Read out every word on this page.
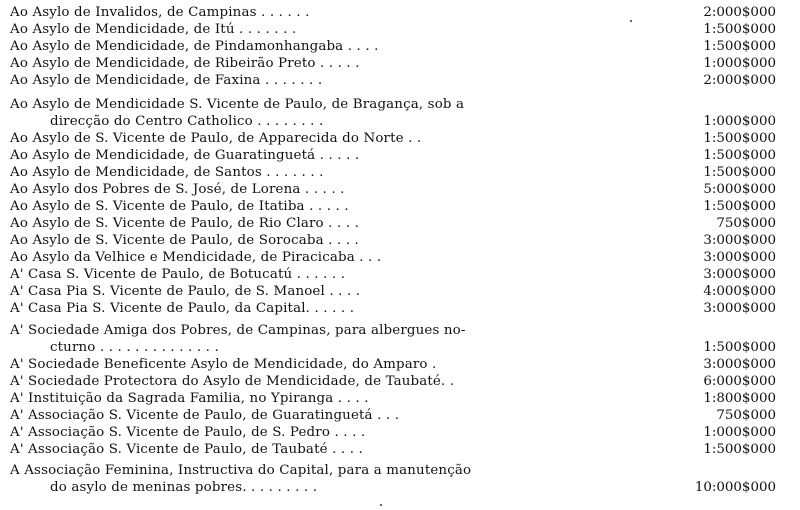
Ao Asylo de Invalidos, de Campinas . . . . . .	2:000$000
Ao Asylo de Mendicidade, de Itú . . . . . . .	1:500$000
Ao Asylo de Mendicidade, de Pindamonhangaba . . . .	1:500$000
Ao Asylo de Mendicidade, de Ribeirão Preto . . . . .	1:000$000
Ao Asylo de Mendicidade, de Faxina . . . . . . .	2:000$000
Ao Asylo de Mendicidade S. Vicente de Paulo, de Bragança, sob a
direcção do Centro Catholico . . . . . . . .	1:000$000
Ao Asylo de S. Vicente de Paulo, de Apparecida do Norte . .	1:500$000
Ao Asylo de Mendicidade, de Guaratinguetá . . . . .	1:500$000
Ao Asylo de Mendicidade, de Santos . . . . . . .	1:500$000
Ao Asylo dos Pobres de S. José, de Lorena . . . . .	5:000$000
Ao Asylo de S. Vicente de Paulo, de Itatiba . . . . .	1:500$000
Ao Asylo de S. Vicente de Paulo, de Rio Claro . . . .	750$000
Ao Asylo de S. Vicente de Paulo, de Sorocaba . . . .	3:000$000
Ao Asylo da Velhice e Mendicidade, de Piracicaba . . .	3:000$000
A' Casa S. Vicente de Paulo, de Botucatú . . . . . .	3:000$000
A' Casa Pia S. Vicente de Paulo, de S. Manoel . . . .	4:000$000
A' Casa Pia S. Vicente de Paulo, da Capital. . . . . .	3:000$000
A' Sociedade Amiga dos Pobres, de Campinas, para albergues no-
cturno . . . . . . . . . . . . . .	1:500$000
A' Sociedade Beneficente Asylo de Mendicidade, do Amparo .	3:000$000
A' Sociedade Protectora do Asylo de Mendicidade, de Taubaté. .	6:000$000
A' Instituição da Sagrada Familia, no Ypiranga . . . .	1:800$000
A' Associação S. Vicente de Paulo, de Guaratinguetá . . .	750$000
A' Associação S. Vicente de Paulo, de S. Pedro . . . .	1:000$000
A' Associação S. Vicente de Paulo, de Taubaté . . . .	1:500$000
A Associação Feminina, Instructiva do Capital, para a manutenção
do asylo de meninas pobres. . . . . . . . .	10:000$000
